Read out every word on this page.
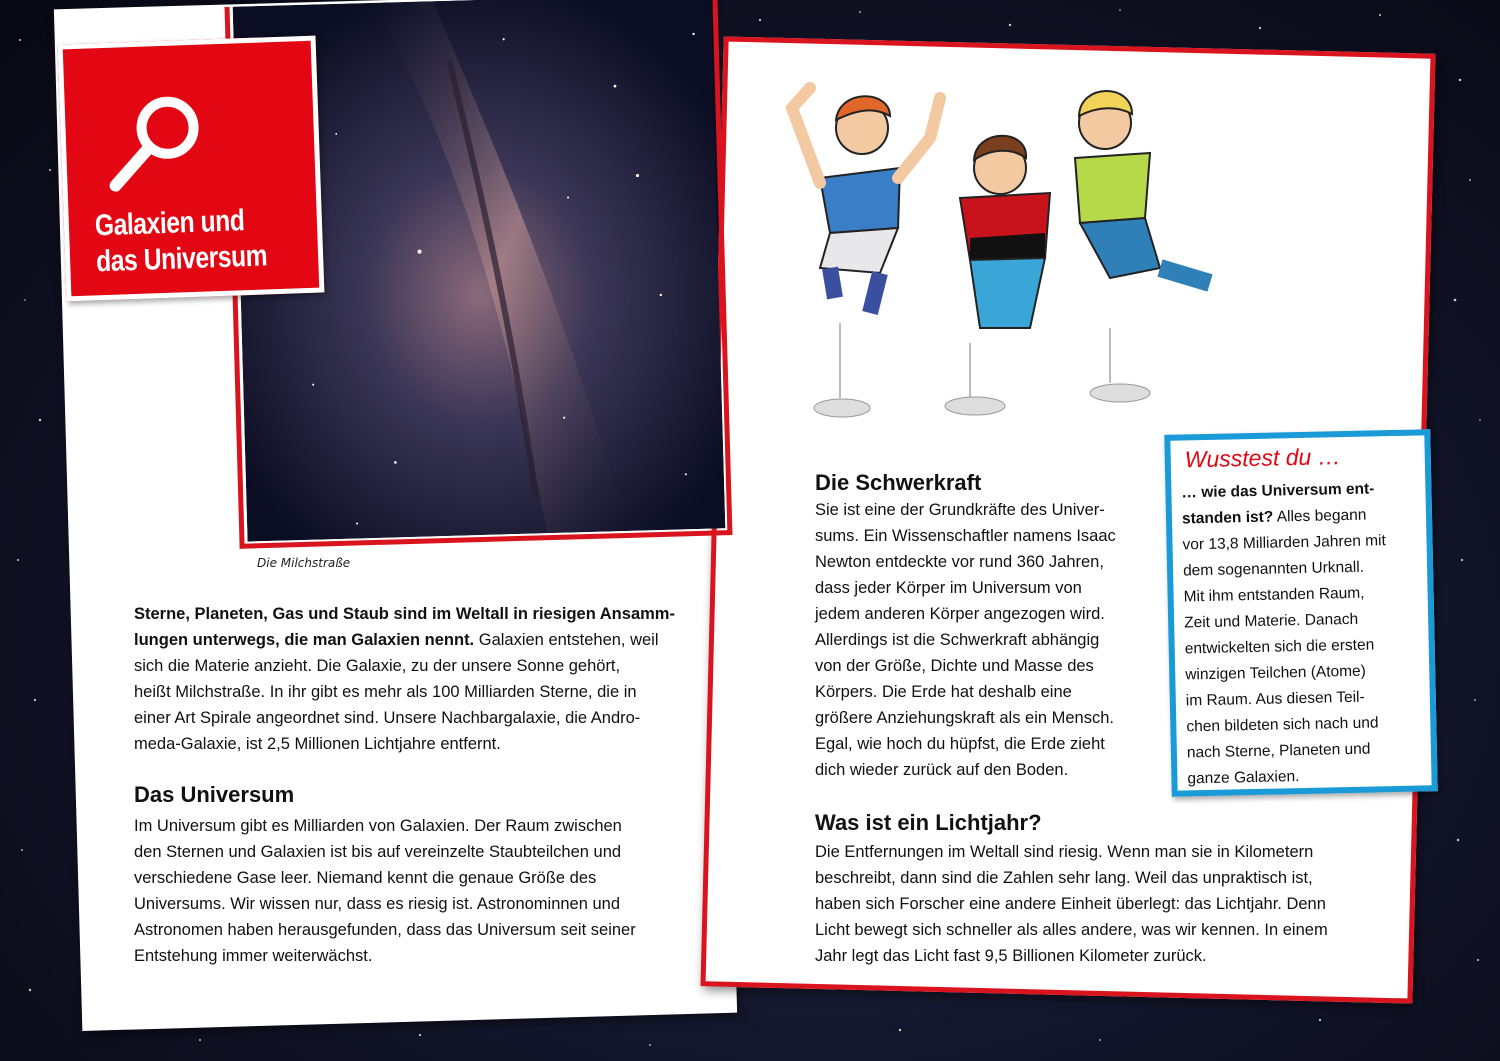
Galaxien und das Universum
Die Milchstraße
Sterne, Planeten, Gas und Staub sind im Weltall in riesigen Ansamm-
lungen unterwegs, die man Galaxien nennt. Galaxien entstehen, weil
sich die Materie anzieht. Die Galaxie, zu der unsere Sonne gehört,
heißt Milchstraße. In ihr gibt es mehr als 100 Milliarden Sterne, die in
einer Art Spirale angeordnet sind. Unsere Nachbargalaxie, die Andro-
meda-Galaxie, ist 2,5 Millionen Lichtjahre entfernt.
Das Universum
Im Universum gibt es Milliarden von Galaxien. Der Raum zwischen
den Sternen und Galaxien ist bis auf vereinzelte Staubteilchen und
verschiedene Gase leer. Niemand kennt die genaue Größe des
Universums. Wir wissen nur, dass es riesig ist. Astronominnen und
Astronomen haben herausgefunden, dass das Universum seit seiner
Entstehung immer weiterwächst.
Die Schwerkraft
Sie ist eine der Grundkräfte des Univer-
sums. Ein Wissenschaftler namens Isaac
Newton entdeckte vor rund 360 Jahren,
dass jeder Körper im Universum von
jedem anderen Körper angezogen wird.
Allerdings ist die Schwerkraft abhängig
von der Größe, Dichte und Masse des
Körpers. Die Erde hat deshalb eine
größere Anziehungskraft als ein Mensch.
Egal, wie hoch du hüpfst, die Erde zieht
dich wieder zurück auf den Boden.
Was ist ein Lichtjahr?
Die Entfernungen im Weltall sind riesig. Wenn man sie in Kilometern
beschreibt, dann sind die Zahlen sehr lang. Weil das unpraktisch ist,
haben sich Forscher eine andere Einheit überlegt: das Lichtjahr. Denn
Licht bewegt sich schneller als alles andere, was wir kennen. In einem
Jahr legt das Licht fast 9,5 Billionen Kilometer zurück.
Wusstest du …
… wie das Universum ent-
standen ist? Alles begann
vor 13,8 Milliarden Jahren mit
dem sogenannten Urknall.
Mit ihm entstanden Raum,
Zeit und Materie. Danach
entwickelten sich die ersten
winzigen Teilchen (Atome)
im Raum. Aus diesen Teil-
chen bildeten sich nach und
nach Sterne, Planeten und
ganze Galaxien.
